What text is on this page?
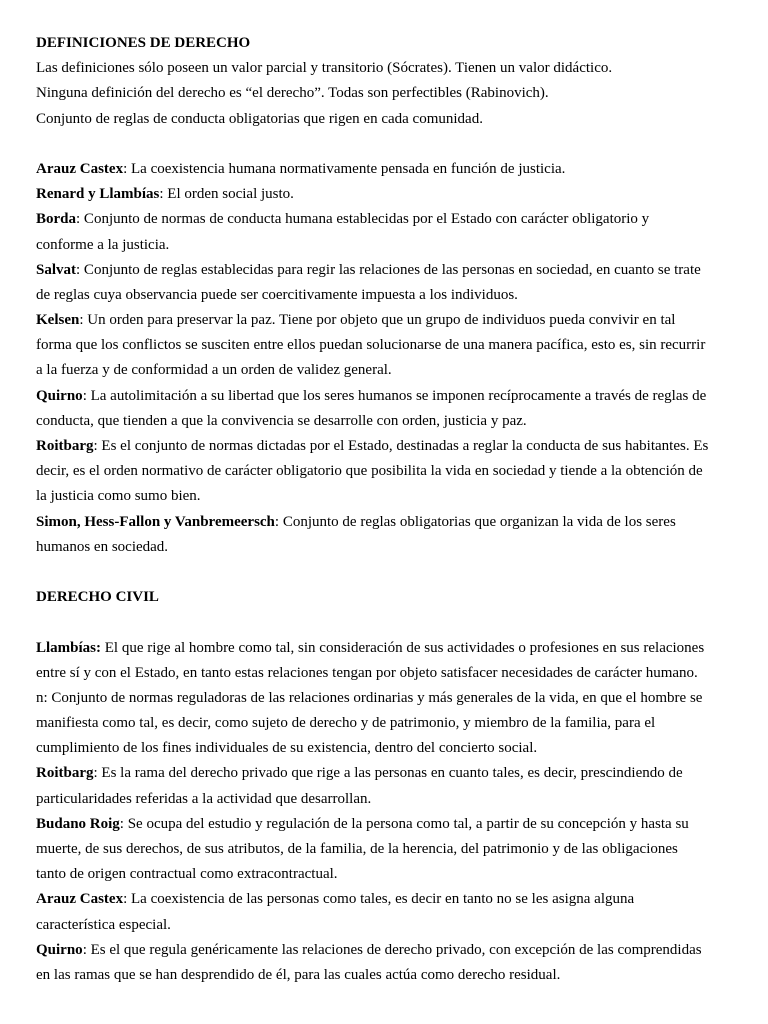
DEFINICIONES DE DERECHO
Las definiciones sólo poseen un valor parcial y transitorio (Sócrates). Tienen un valor didáctico.
Ninguna definición del derecho es “el derecho”. Todas son perfectibles (Rabinovich).
Conjunto de reglas de conducta obligatorias que rigen en cada comunidad.
Arauz Castex: La coexistencia humana normativamente pensada en función de justicia.
Renard y Llambías: El orden social justo.
Borda: Conjunto de normas de conducta humana establecidas por el Estado con carácter obligatorio y
conforme a la justicia.
Salvat: Conjunto de reglas establecidas para regir las relaciones de las personas en sociedad, en cuanto se trate
de reglas cuya observancia puede ser coercitivamente impuesta a los individuos.
Kelsen: Un orden para preservar la paz. Tiene por objeto que un grupo de individuos pueda convivir en tal
forma que los conflictos se susciten entre ellos puedan solucionarse de una manera pacífica, esto es, sin recurrir
a la fuerza y de conformidad a un orden de validez general.
Quirno: La autolimitación a su libertad que los seres humanos se imponen recíprocamente a través de reglas de
conducta, que tienden a que la convivencia se desarrolle con orden, justicia y paz.
Roitbarg: Es el conjunto de normas dictadas por el Estado, destinadas a reglar la conducta de sus habitantes. Es
decir, es el orden normativo de carácter obligatorio que posibilita la vida en sociedad y tiende a la obtención de
la justicia como sumo bien.
Simon, Hess-Fallon y Vanbremeersch: Conjunto de reglas obligatorias que organizan la vida de los seres
humanos en sociedad.
DERECHO CIVIL
Llambías: El que rige al hombre como tal, sin consideración de sus actividades o profesiones en sus relaciones
entre sí y con el Estado, en tanto estas relaciones tengan por objeto satisfacer necesidades de carácter humano.
n: Conjunto de normas reguladoras de las relaciones ordinarias y más generales de la vida, en que el hombre se
manifiesta como tal, es decir, como sujeto de derecho y de patrimonio, y miembro de la familia, para el
cumplimiento de los fines individuales de su existencia, dentro del concierto social.
Roitbarg: Es la rama del derecho privado que rige a las personas en cuanto tales, es decir, prescindiendo de
particularidades referidas a la actividad que desarrollan.
Budano Roig: Se ocupa del estudio y regulación de la persona como tal, a partir de su concepción y hasta su
muerte, de sus derechos, de sus atributos, de la familia, de la herencia, del patrimonio y de las obligaciones
tanto de origen contractual como extracontractual.
Arauz Castex: La coexistencia de las personas como tales, es decir en tanto no se les asigna alguna
característica especial.
Quirno: Es el que regula genéricamente las relaciones de derecho privado, con excepción de las comprendidas
en las ramas que se han desprendido de él, para las cuales actúa como derecho residual.
